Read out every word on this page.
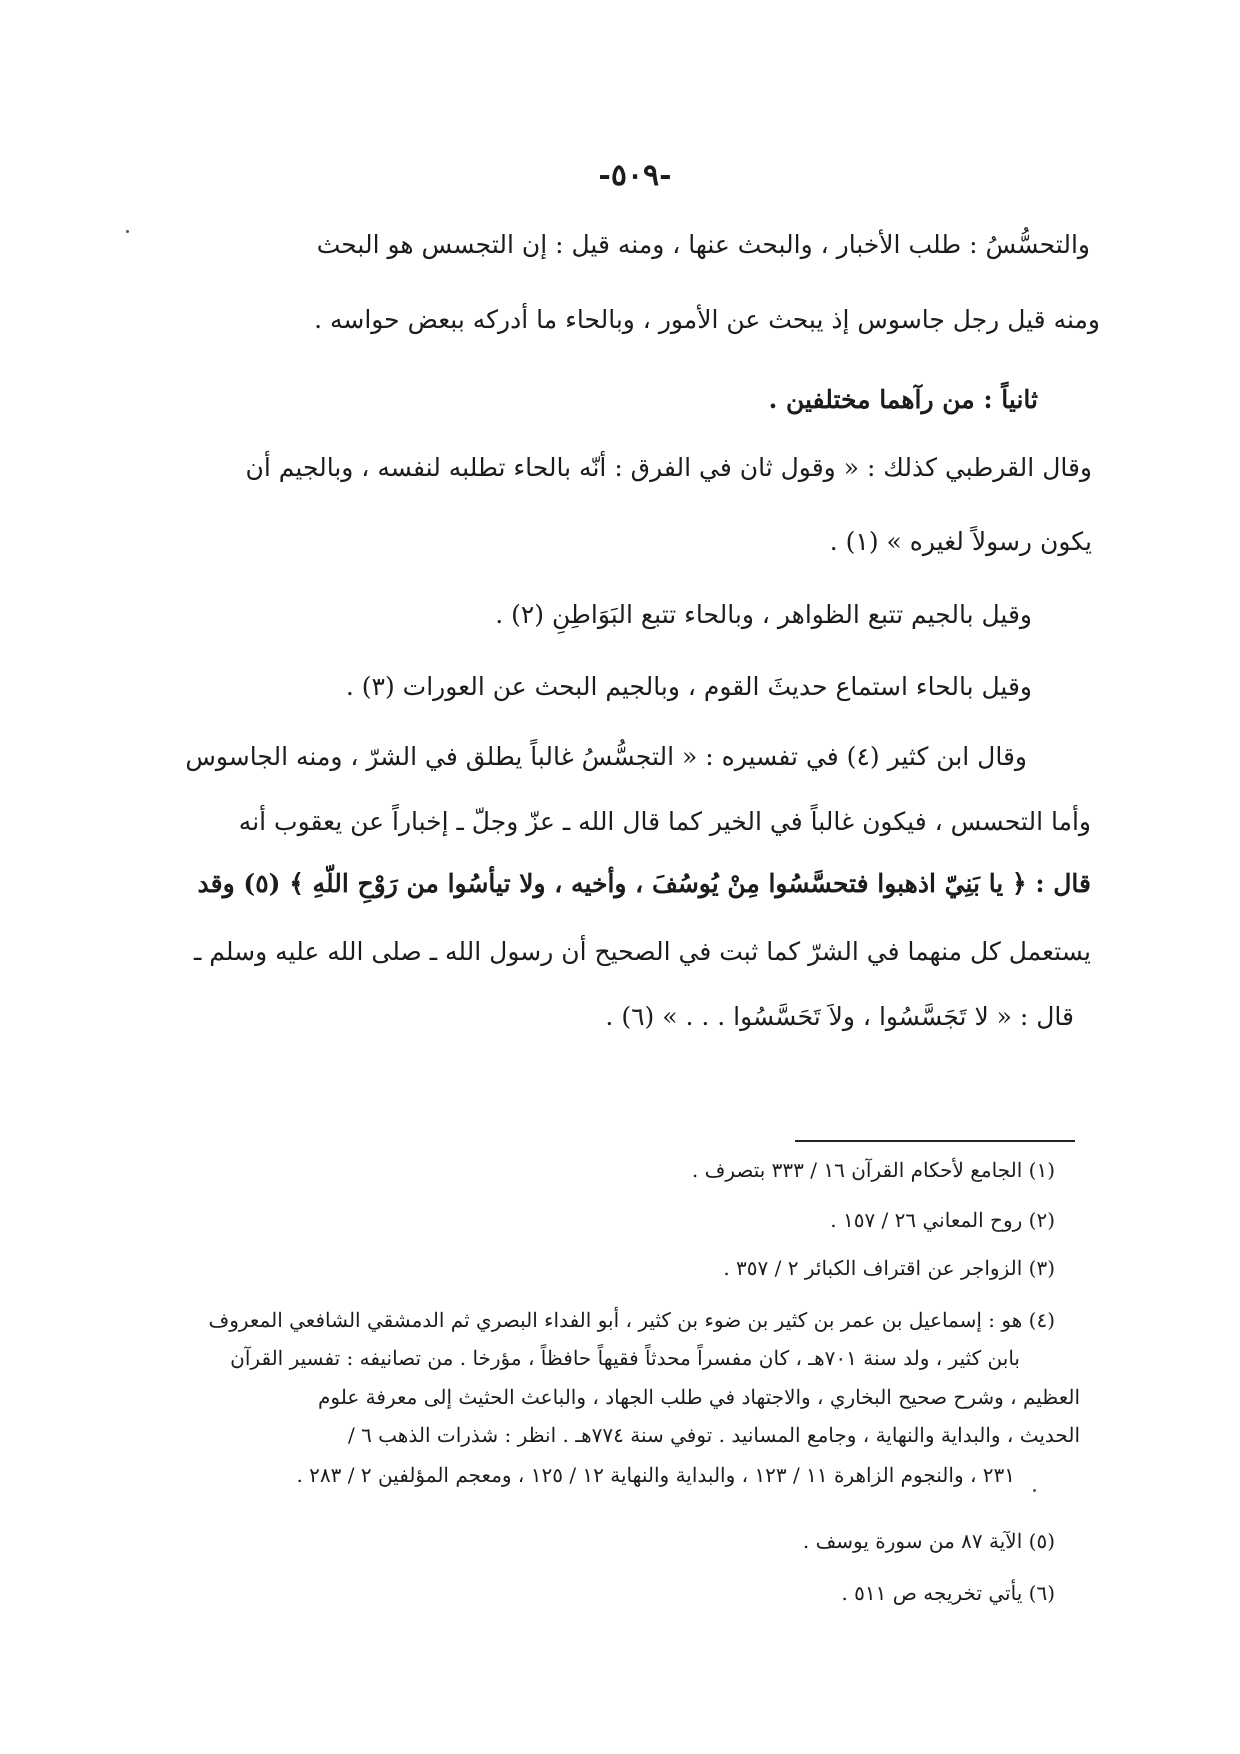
-٥٠٩-
والتحسُّسُ : طلب الأخبار ، والبحث عنها ، ومنه قيل : إن التجسس هو البحث
ومنه قيل رجل جاسوس إذ يبحث عن الأمور ، وبالحاء ما أدركه ببعض حواسه .
ثانياً : من رآهما مختلفين .
وقال القرطبي كذلك : « وقول ثان في الفرق : أنّه بالحاء تطلبه لنفسه ، وبالجيم أن
يكون رسولاً لغيره » (١) .
وقيل بالجيم تتبع الظواهر ، وبالحاء تتبع البَوَاطِنِ (٢) .
وقيل بالحاء استماع حديثَ القوم ، وبالجيم البحث عن العورات (٣) .
وقال ابن كثير (٤) في تفسيره : « التجسُّسُ غالباً يطلق في الشرّ ، ومنه الجاسوس
وأما التحسس ، فيكون غالباً في الخير كما قال الله ـ عزّ وجلّ ـ إخباراً عن يعقوب أنه
قال : ﴿ يا بَنِيّ اذهبوا فتحسَّسُوا مِنْ يُوسُفَ ، وأخيه ، ولا تيأسُوا من رَوْحِ اللّهِ ﴾ (٥) وقد
يستعمل كل منهما في الشرّ كما ثبت في الصحيح أن رسول الله ـ صلى الله عليه وسلم ـ
قال : « لا تَجَسَّسُوا ، ولاَ تَحَسَّسُوا . . . » (٦) .
(١) الجامع لأحكام القرآن ١٦ / ٣٣٣ بتصرف .
(٢) روح المعاني ٢٦ / ١٥٧ .
(٣) الزواجر عن اقتراف الكبائر ٢ / ٣٥٧ .
(٤) هو : إسماعيل بن عمر بن كثير بن ضوء بن كثير ، أبو الفداء البصري ثم الدمشقي الشافعي المعروف
بابن كثير ، ولد سنة ٧٠١هـ ، كان مفسراً محدثاً فقيهاً حافظاً ، مؤرخا . من تصانيفه : تفسير القرآن
العظيم ، وشرح صحيح البخاري ، والاجتهاد في طلب الجهاد ، والباعث الحثيث إلى معرفة علوم
الحديث ، والبداية والنهاية ، وجامع المسانيد . توفي سنة ٧٧٤هـ . انظر : شذرات الذهب ٦ /
٢٣١ ، والنجوم الزاهرة ١١ / ١٢٣ ، والبداية والنهاية ١٢ / ١٢٥ ، ومعجم المؤلفين ٢ / ٢٨٣ .
(٥) الآية ٨٧ من سورة يوسف .
(٦) يأتي تخريجه ص ٥١١ .
